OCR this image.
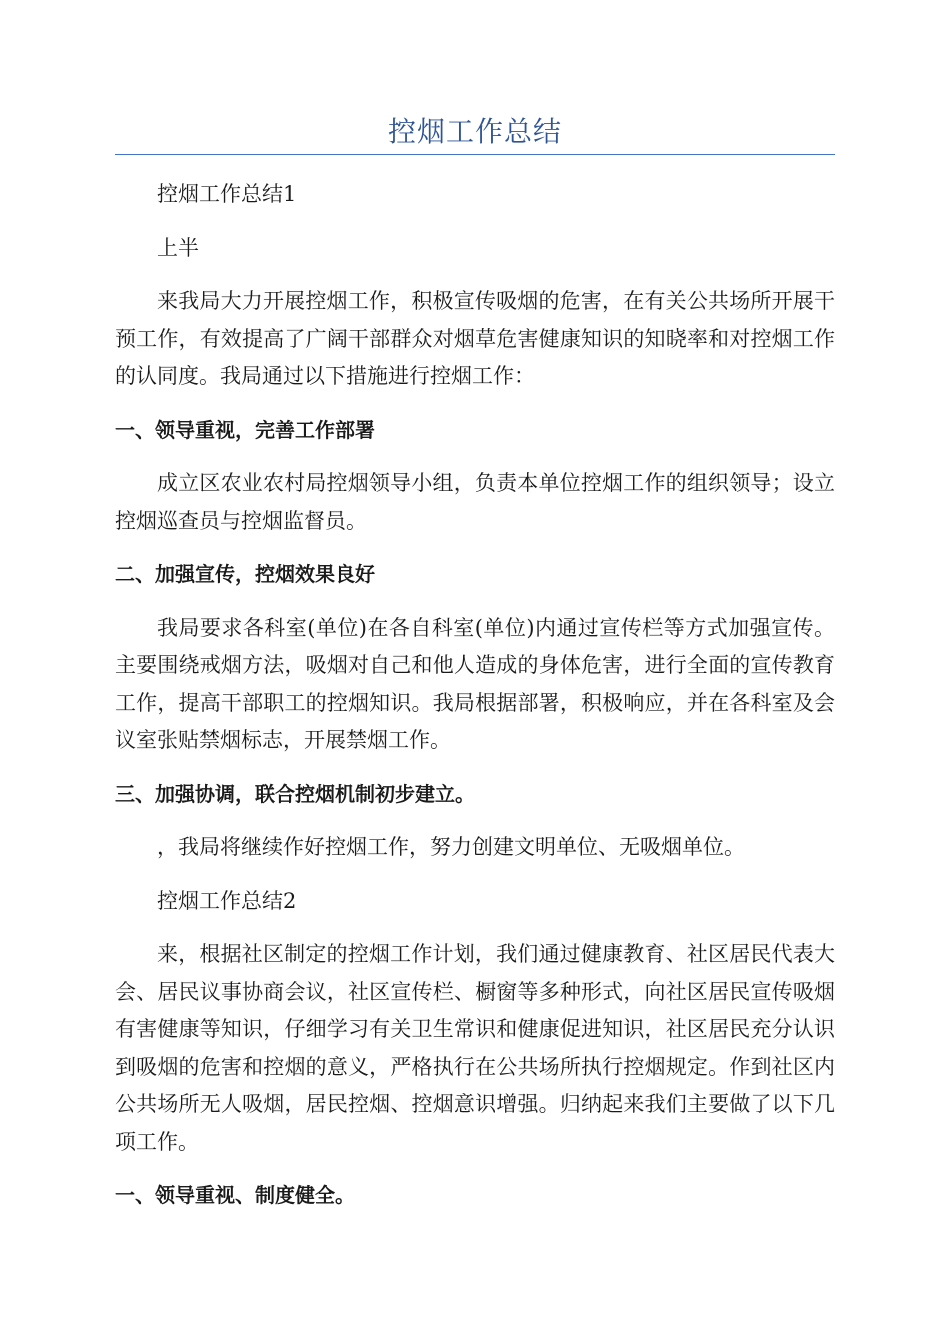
控烟工作总结

控烟工作总结1

上半

来我局大力开展控烟工作，积极宣传吸烟的危害，在有关公共场所开展干预工作，有效提高了广阔干部群众对烟草危害健康知识的知晓率和对控烟工作的认同度。我局通过以下措施进行控烟工作：

一、领导重视，完善工作部署

成立区农业农村局控烟领导小组，负责本单位控烟工作的组织领导；设立控烟巡查员与控烟监督员。

二、加强宣传，控烟效果良好

我局要求各科室(单位)在各自科室(单位)内通过宣传栏等方式加强宣传。主要围绕戒烟方法，吸烟对自己和他人造成的身体危害，进行全面的宣传教育工作，提高干部职工的控烟知识。我局根据部署，积极响应，并在各科室及会议室张贴禁烟标志，开展禁烟工作。

三、加强协调，联合控烟机制初步建立。

，我局将继续作好控烟工作，努力创建文明单位、无吸烟单位。

控烟工作总结2

来，根据社区制定的控烟工作计划，我们通过健康教育、社区居民代表大会、居民议事协商会议，社区宣传栏、橱窗等多种形式，向社区居民宣传吸烟有害健康等知识，仔细学习有关卫生常识和健康促进知识，社区居民充分认识到吸烟的危害和控烟的意义，严格执行在公共场所执行控烟规定。作到社区内公共场所无人吸烟，居民控烟、控烟意识增强。归纳起来我们主要做了以下几项工作。

一、领导重视、制度健全。
